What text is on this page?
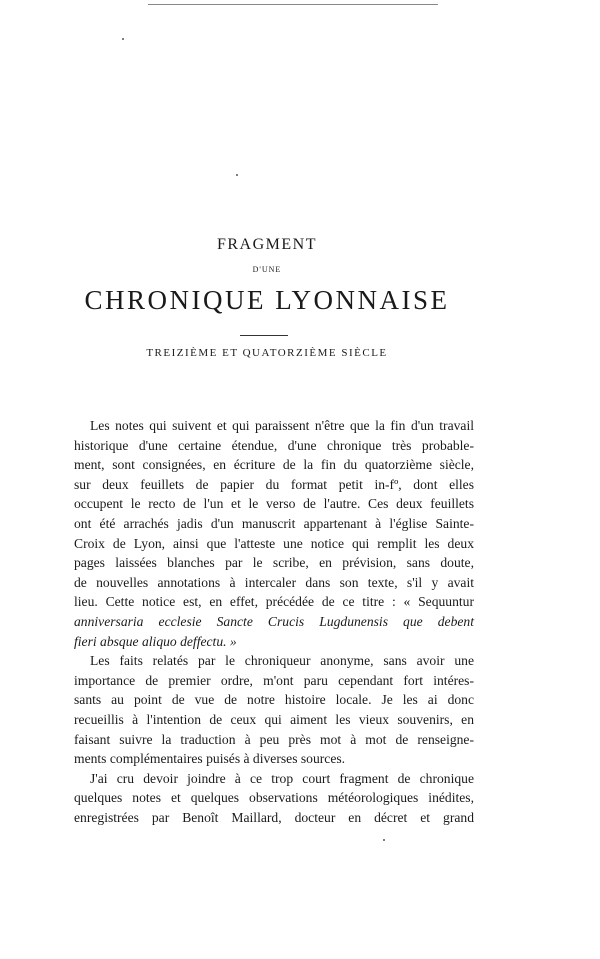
FRAGMENT
D'UNE
CHRONIQUE LYONNAISE
TREIZIÈME ET QUATORZIÈME SIÈCLE
Les notes qui suivent et qui paraissent n'être que la fin d'un travail
historique d'une certaine étendue, d'une chronique très probable-
ment, sont consignées, en écriture de la fin du quatorzième siècle,
sur deux feuillets de papier du format petit in-fº, dont elles
occupent le recto de l'un et le verso de l'autre. Ces deux feuillets
ont été arrachés jadis d'un manuscrit appartenant à l'église Sainte-
Croix de Lyon, ainsi que l'atteste une notice qui remplit les deux
pages laissées blanches par le scribe, en prévision, sans doute,
de nouvelles annotations à intercaler dans son texte, s'il y avait
lieu. Cette notice est, en effet, précédée de ce titre : « Sequuntur
anniversaria ecclesie Sancte Crucis Lugdunensis que debent
fieri absque aliquo deffectu. »
Les faits relatés par le chroniqueur anonyme, sans avoir une
importance de premier ordre, m'ont paru cependant fort intéres-
sants au point de vue de notre histoire locale. Je les ai donc
recueillis à l'intention de ceux qui aiment les vieux souvenirs, en
faisant suivre la traduction à peu près mot à mot de renseigne-
ments complémentaires puisés à diverses sources.
J'ai cru devoir joindre à ce trop court fragment de chronique
quelques notes et quelques observations météorologiques inédites,
enregistrées par Benoît Maillard, docteur en décret et grand
